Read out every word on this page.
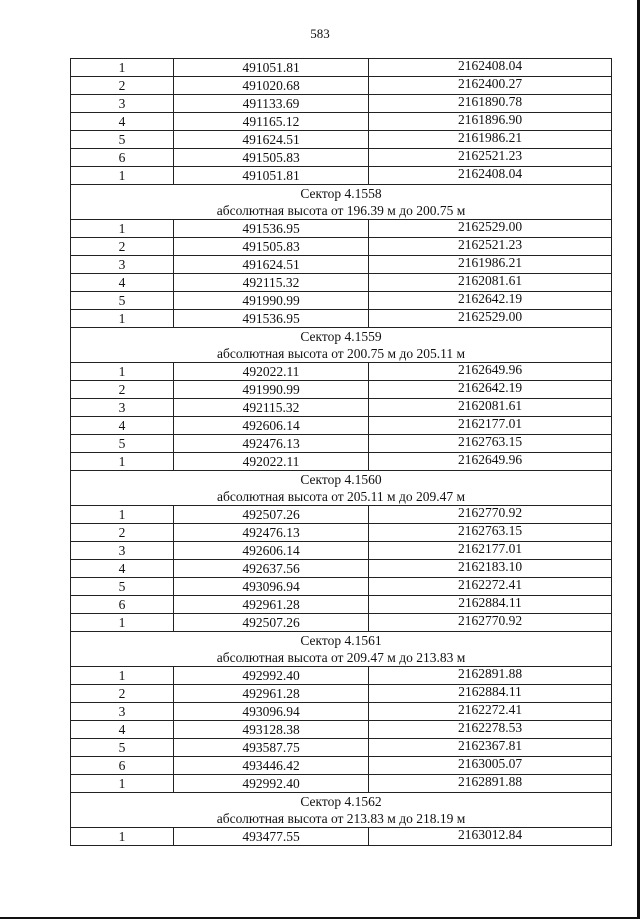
583
1	491051.81	2162408.04
2	491020.68	2162400.27
3	491133.69	2161890.78
4	491165.12	2161896.90
5	491624.51	2161986.21
6	491505.83	2162521.23
1	491051.81	2162408.04
Сектор 4.1558		
абсолютная высота от 196.39 м до 200.75 м		
1	491536.95	2162529.00
2	491505.83	2162521.23
3	491624.51	2161986.21
4	492115.32	2162081.61
5	491990.99	2162642.19
1	491536.95	2162529.00
Сектор 4.1559		
абсолютная высота от 200.75 м до 205.11 м		
1	492022.11	2162649.96
2	491990.99	2162642.19
3	492115.32	2162081.61
4	492606.14	2162177.01
5	492476.13	2162763.15
1	492022.11	2162649.96
Сектор 4.1560		
абсолютная высота от 205.11 м до 209.47 м		
1	492507.26	2162770.92
2	492476.13	2162763.15
3	492606.14	2162177.01
4	492637.56	2162183.10
5	493096.94	2162272.41
6	492961.28	2162884.11
1	492507.26	2162770.92
Сектор 4.1561		
абсолютная высота от 209.47 м до 213.83 м		
1	492992.40	2162891.88
2	492961.28	2162884.11
3	493096.94	2162272.41
4	493128.38	2162278.53
5	493587.75	2162367.81
6	493446.42	2163005.07
1	492992.40	2162891.88
Сектор 4.1562		
абсолютная высота от 213.83 м до 218.19 м		
1	493477.55	2163012.84
